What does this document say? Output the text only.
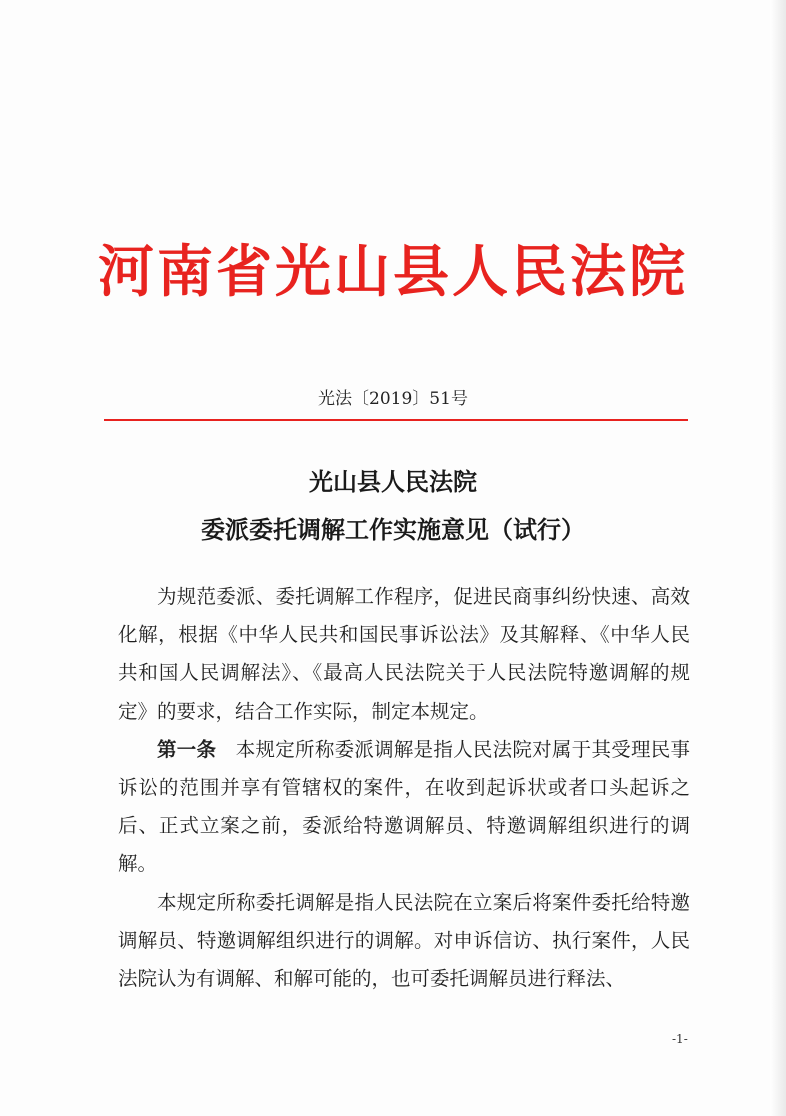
河南省光山县人民法院
光法〔2019〕51号
光山县人民法院
委派委托调解工作实施意见（试行）

为规范委派、委托调解工作程序，促进民商事纠纷快速、高效化解，根据《中华人民共和国民事诉讼法》及其解释、《中华人民共和国人民调解法》、《最高人民法院关于人民法院特邀调解的规定》的要求，结合工作实际，制定本规定。

第一条 本规定所称委派调解是指人民法院对属于其受理民事诉讼的范围并享有管辖权的案件，在收到起诉状或者口头起诉之后、正式立案之前，委派给特邀调解员、特邀调解组织进行的调解。

本规定所称委托调解是指人民法院在立案后将案件委托给特邀调解员、特邀调解组织进行的调解。对申诉信访、执行案件，人民法院认为有调解、和解可能的，也可委托调解员进行释法、

-1-
